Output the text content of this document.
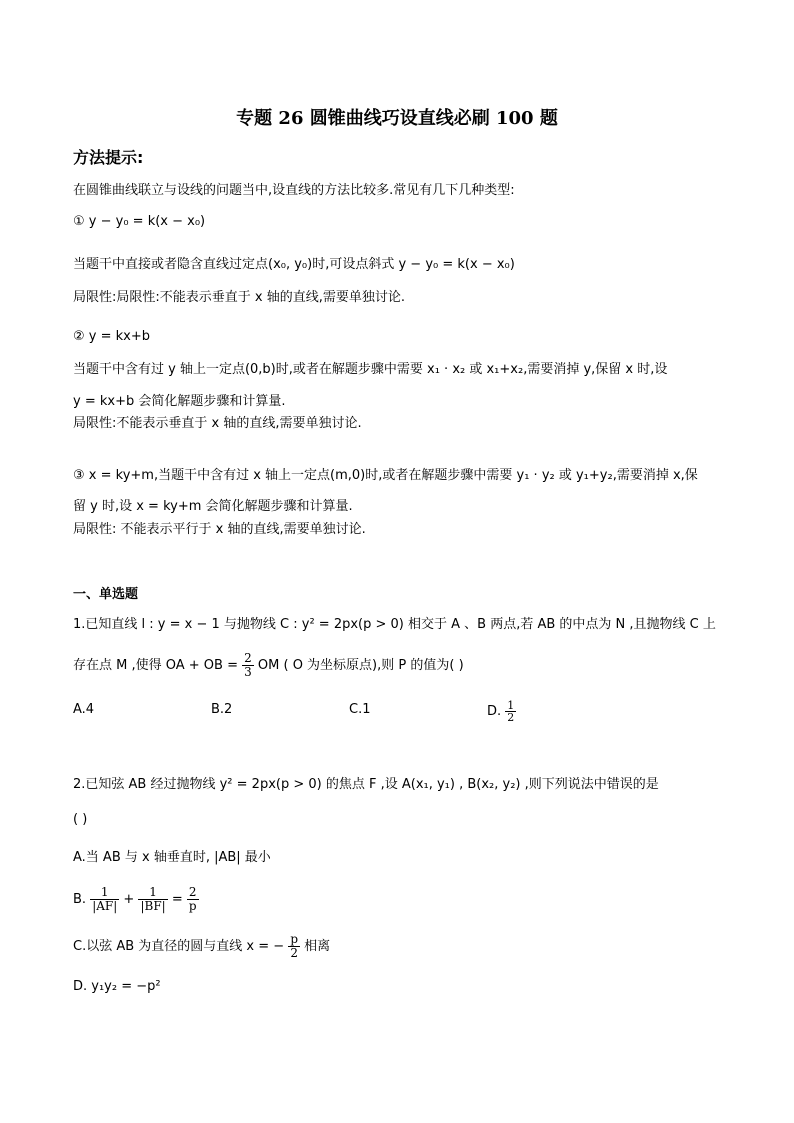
专题 26 圆锥曲线巧设直线必刷 100 题
方法提示:
在圆锥曲线联立与设线的问题当中,设直线的方法比较多.常见有几下几种类型:
① y − y₀ = k(x − x₀)
当题干中直接或者隐含直线过定点(x₀, y₀)时,可设点斜式 y − y₀ = k(x − x₀)
局限性:局限性:不能表示垂直于 x 轴的直线,需要单独讨论.
② y = kx+b
当题干中含有过 y 轴上一定点(0,b)时,或者在解题步骤中需要 x₁ · x₂ 或 x₁+x₂,需要消掉 y,保留 x 时,设
y = kx+b 会简化解题步骤和计算量.
局限性:不能表示垂直于 x 轴的直线,需要单独讨论.
③ x = ky+m,当题干中含有过 x 轴上一定点(m,0)时,或者在解题步骤中需要 y₁ · y₂ 或 y₁+y₂,需要消掉 x,保
留 y 时,设 x = ky+m 会简化解题步骤和计算量.
局限性: 不能表示平行于 x 轴的直线,需要单独讨论.
一、单选题
1.已知直线 l : y = x − 1 与抛物线 C : y² = 2px(p > 0) 相交于 A 、B 两点,若 AB 的中点为 N ,且抛物线 C 上
存在点 M ,使得 OA + OB = $\frac{2}{3}$ OM ( O 为坐标原点),则 P 的值为( )
A.4	B.2	C.1	D. $\frac{1}{2}$
2.已知弦 AB 经过抛物线 y² = 2px(p > 0) 的焦点 F ,设 A(x₁, y₁) , B(x₂, y₂) ,则下列说法中错误的是
( )
A.当 AB 与 x 轴垂直时, |AB| 最小
B. $\frac{1}{|AF|} + \frac{1}{|BF|} = \frac{2}{p}$
C.以弦 AB 为直径的圆与直线 x = − $\frac{p}{2}$ 相离
D. y₁y₂ = −p²
